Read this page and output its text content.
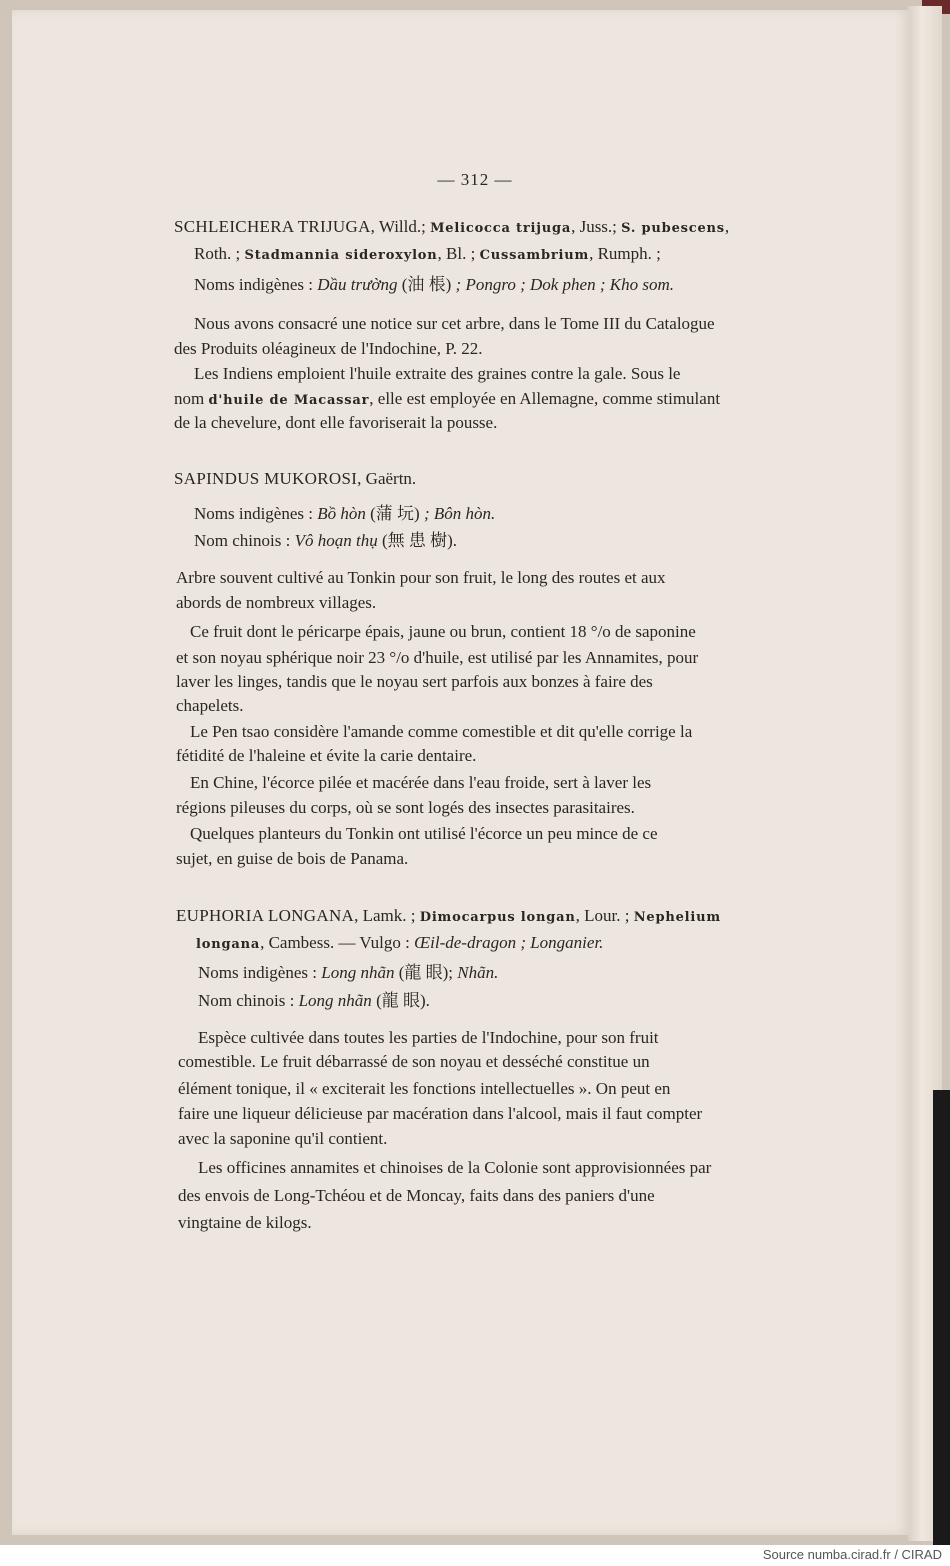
Source numba.cirad.fr / CIRAD
— 312 —
SCHLEICHERA TRIJUGA, Willd.; Melicocca trijuga, Juss.; S. pubescens,
Roth. ; Stadmannia sideroxylon, Bl. ; Cussambrium, Rumph. ;
Noms indigènes : Dầu trường (油 棖) ; Pongro ; Dok phen ; Kho som.
Nous avons consacré une notice sur cet arbre, dans le Tome III du Catalogue
des Produits oléagineux de l'Indochine, P. 22.
Les Indiens emploient l'huile extraite des graines contre la gale. Sous le
nom d'huile de Macassar, elle est employée en Allemagne, comme stimulant
de la chevelure, dont elle favoriserait la pousse.
SAPINDUS MUKOROSI, Gaërtn.
Noms indigènes : Bồ hòn (蒲 坃) ; Bôn hòn.
Nom chinois : Vô hoạn thụ (無 患 樹).
Arbre souvent cultivé au Tonkin pour son fruit, le long des routes et aux
abords de nombreux villages.
Ce fruit dont le péricarpe épais, jaune ou brun, contient 18 °/o de saponine
et son noyau sphérique noir 23 °/o d'huile, est utilisé par les Annamites, pour
laver les linges, tandis que le noyau sert parfois aux bonzes à faire des
chapelets.
Le Pen tsao considère l'amande comme comestible et dit qu'elle corrige la
fétidité de l'haleine et évite la carie dentaire.
En Chine, l'écorce pilée et macérée dans l'eau froide, sert à laver les
régions pileuses du corps, où se sont logés des insectes parasitaires.
Quelques planteurs du Tonkin ont utilisé l'écorce un peu mince de ce
sujet, en guise de bois de Panama.
EUPHORIA LONGANA, Lamk. ; Dimocarpus longan, Lour. ; Nephelium
longana, Cambess. — Vulgo : Œil-de-dragon ; Longanier.
Noms indigènes : Long nhãn (龍 眼); Nhãn.
Nom chinois : Long nhãn (龍 眼).
Espèce cultivée dans toutes les parties de l'Indochine, pour son fruit
comestible. Le fruit débarrassé de son noyau et desséché constitue un
élément tonique, il « exciterait les fonctions intellectuelles ». On peut en
faire une liqueur délicieuse par macération dans l'alcool, mais il faut compter
avec la saponine qu'il contient.
Les officines annamites et chinoises de la Colonie sont approvisionnées par
des envois de Long-Tchéou et de Moncay, faits dans des paniers d'une
vingtaine de kilogs.
